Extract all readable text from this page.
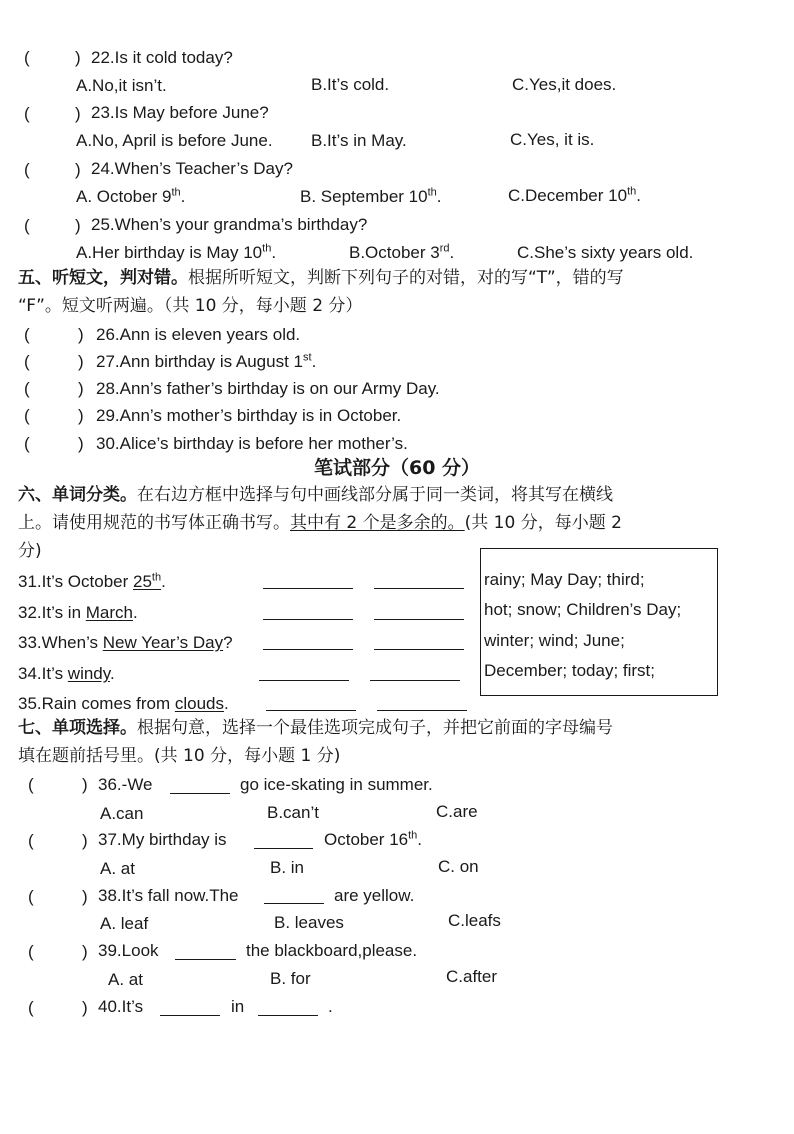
(	) 22.Is it cold today?
A.No,it isn’t.	B.It’s cold.	C.Yes,it does.
(	) 23.Is May before June?
A.No, April is before June. B.It’s in May.	C.Yes, it is.
(	) 24.When’s Teacher’s Day?
A. October 9th.	B. September 10th.	C.December 10th.
(	) 25.When’s your grandma’s birthday?
A.Her birthday is May 10th.	B.October 3rd.	C.She’s sixty years old.
五、听短文，判对错。根据所听短文，判断下列句子的对错，对的写“T”，错的写
“F”。短文听两遍。（共 10 分，每小题 2 分）
(	) 26.Ann is eleven years old.
(	) 27.Ann birthday is August 1st.
(	) 28.Ann’s father’s birthday is on our Army Day.
(	) 29.Ann’s mother’s birthday is in October.
(	) 30.Alice’s birthday is before her mother’s.
笔试部分（60 分）
六、单词分类。在右边方框中选择与句中画线部分属于同一类词，将其写在横线
上。请使用规范的书写体正确书写。其中有 2 个是多余的。(共 10 分，每小题 2
分)
31.It’s October 25th.
32.It’s in March.
33.When’s New Year’s Day?
34.It’s windy.
35.Rain comes from clouds.
rainy; May Day; third;
hot; snow; Children’s Day;
winter; wind; June;
December; today; first;
七、单项选择。根据句意，选择一个最佳选项完成句子，并把它前面的字母编号
填在题前括号里。(共 10 分，每小题 1 分)
(	) 36.-We	go ice-skating in summer.
A.can	B.can’t	C.are
(	) 37.My birthday is	October 16th.
A. at	B. in	C. on
(	) 38.It’s fall now.The	are yellow.
A. leaf	B. leaves	C.leafs
(	) 39.Look	the blackboard,please.
A. at	B. for	C.after
(	) 40.It’s	in	.
